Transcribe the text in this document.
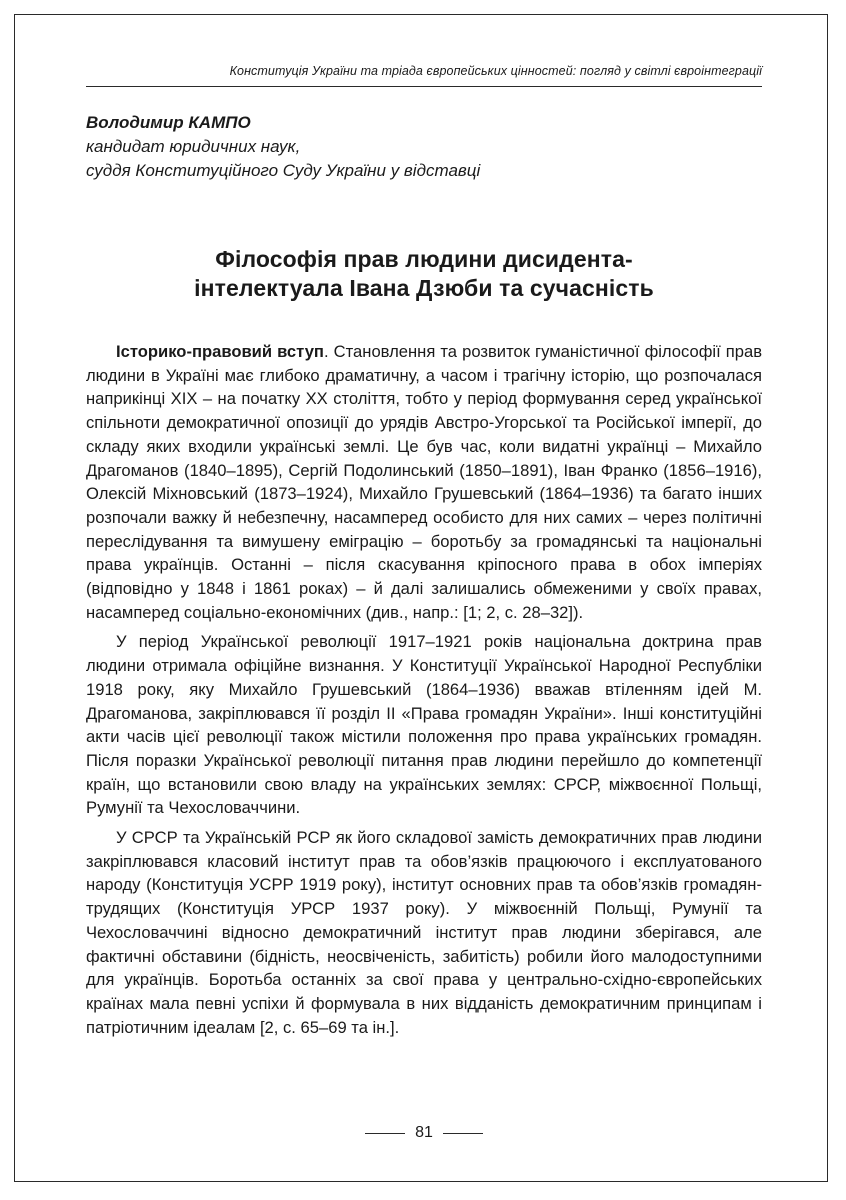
Конституція України та тріада європейських цінностей: погляд у світлі євроінтеграції
Володимир КАМПО
кандидат юридичних наук,
суддя Конституційного Суду України у відставці
Філософія прав людини дисидента-
інтелектуала Івана Дзюби та сучасність

Історико-правовий вступ. Становлення та розвиток гуманістичної філософії прав людини в Україні має глибоко драматичну, а часом і трагічну історію, що розпочалася наприкінці XIX – на початку XX століття, тобто у період формування серед української спільноти демократичної опозиції до урядів Австро-Угорської та Російської імперії, до складу яких входили українські землі. Це був час, коли видатні українці – Михайло Драгоманов (1840–1895), Сергій Подолинський (1850–1891), Іван Франко (1856–1916), Олексій Міхновський (1873–1924), Михайло Грушевський (1864–1936) та багато інших розпочали важку й небезпечну, насамперед особисто для них самих – через політичні переслідування та вимушену еміграцію – боротьбу за громадянські та національні права українців. Останні – після скасування кріпосного права в обох імперіях (відповідно у 1848 і 1861 роках) – й далі залишались обмеженими у своїх правах, насамперед соціально-економічних (див., напр.: [1; 2, с. 28–32]).

У період Української революції 1917–1921 років національна доктрина прав людини отримала офіційне визнання. У Конституції Української Народної Республіки 1918 року, яку Михайло Грушевський (1864–1936) вважав втіленням ідей М. Драгоманова, закріплювався її розділ II «Права громадян України». Інші конституційні акти часів цієї революції також містили положення про права українських громадян. Після поразки Української революції питання прав людини перейшло до компетенції країн, що встановили свою владу на українських землях: СРСР, міжвоєнної Польщі, Румунії та Чехословаччини.

У СРСР та Українській РСР як його складової замість демократичних прав людини закріплювався класовий інститут прав та обов’язків працюючого і експлуатованого народу (Конституція УСРР 1919 року), інститут основних прав та обов’язків громадян-трудящих (Конституція УРСР 1937 року). У міжвоєнній Польщі, Румунії та Чехословаччині відносно демократичний інститут прав людини зберігався, але фактичні обставини (бідність, неосвіченість, забитість) робили його малодоступними для українців. Боротьба останніх за свої права у центрально-східно-європейських країнах мала певні успіхи й формувала в них відданість демократичним принципам і патріотичним ідеалам [2, с. 65–69 та ін.].

81
